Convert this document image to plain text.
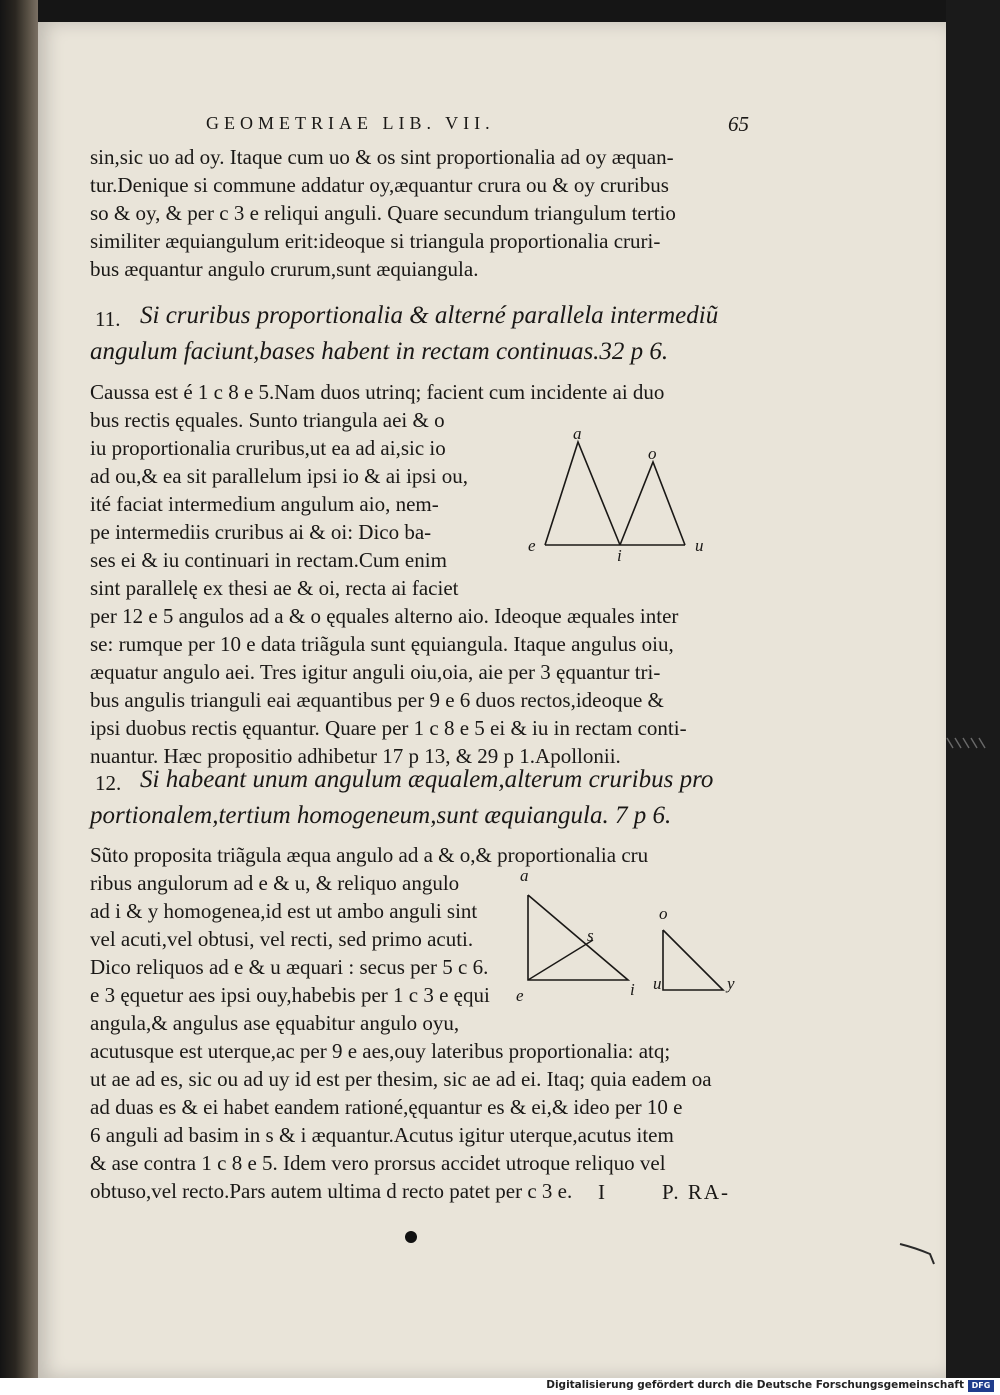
GEOMETRIAE LIB. VII.	65
sin,sic uo ad oy. Itaque cum uo & os sint proportionalia ad oy æquan-
tur.Denique si commune addatur oy,æquantur crura ou & oy cruribus
so & oy, & per c 3 e reliqui anguli. Quare secundum triangulum tertio
similiter æquiangulum erit:ideoque si triangula proportionalia cruri-
bus æquantur angulo crurum,sunt æquiangula.
11. Si cruribus proportionalia & alterné parallela intermediũ
angulum faciunt,bases habent in rectam continuas.32 p 6.
Caussa est é 1 c 8 e 5.Nam duos utrinq; facient cum incidente ai duo
bus rectis ęquales. Sunto triangula aei & o
iu proportionalia cruribus,ut ea ad ai,sic io
ad ou,& ea sit parallelum ipsi io & ai ipsi ou,
ité faciat intermedium angulum aio, nem-
pe intermediis cruribus ai & oi: Dico ba-
ses ei & iu continuari in rectam.Cum enim
sint parallelę ex thesi ae & oi, recta ai faciet
per 12 e 5 angulos ad a & o ęquales alterno aio. Ideoque æquales inter
se: rumque per 10 e data triãgula sunt ęquiangula. Itaque angulus oiu,
æquatur angulo aei. Tres igitur anguli oiu,oia, aie per 3 ęquantur tri-
bus angulis trianguli eai æquantibus per 9 e 6 duos rectos,ideoque &
ipsi duobus rectis ęquantur. Quare per 1 c 8 e 5 ei & iu in rectam conti-
nuantur. Hæc propositio adhibetur 17 p 13, & 29 p 1.Apollonii.
a
o
e
i
u
12. Si habeant unum angulum æqualem,alterum cruribus pro
portionalem,tertium homogeneum,sunt æquiangula. 7 p 6.
Sũto proposita triãgula æqua angulo ad a & o,& proportionalia cru
ribus angulorum ad e & u, & reliquo angulo
ad i & y homogenea,id est ut ambo anguli sint
vel acuti,vel obtusi, vel recti, sed primo acuti.
Dico reliquos ad e & u æquari : secus per 5 c 6.
e 3 ęquetur aes ipsi ouy,habebis per 1 c 3 e ęqui
angula,& angulus ase ęquabitur angulo oyu,
acutusque est uterque,ac per 9 e aes,ouy lateribus proportionalia: atq;
ut ae ad es, sic ou ad uy id est per thesim, sic ae ad ei. Itaq; quia eadem oa
ad duas es & ei habet eandem rationé,ęquantur es & ei,& ideo per 10 e
6 anguli ad basim in s & i æquantur.Acutus igitur uterque,acutus item
& ase contra 1 c 8 e 5. Idem vero prorsus accidet utroque reliquo vel
obtuso,vel recto.Pars autem ultima d recto patet per c 3 e.
a
s
e	i
o
u	y
I	P. RA-
Digitalisierung gefördert durch die Deutsche Forschungsgemeinschaft DFG
